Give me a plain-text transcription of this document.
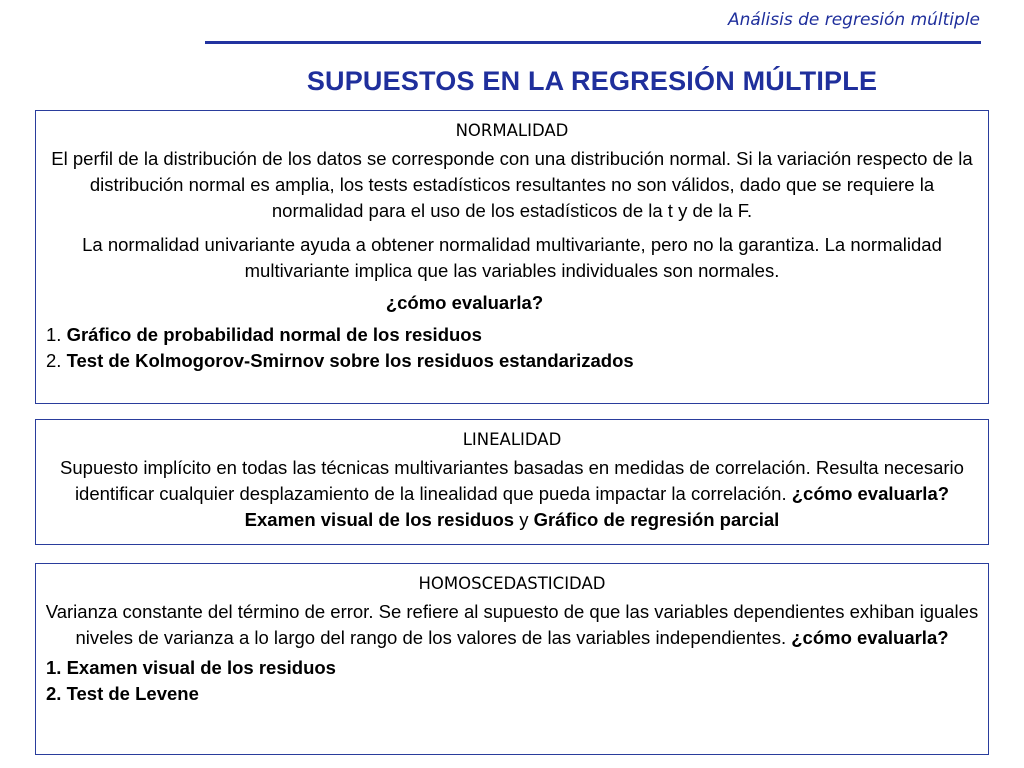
Análisis de regresión múltiple
SUPUESTOS EN LA REGRESIÓN MÚLTIPLE
NORMALIDAD

El perfil de la distribución de los datos se corresponde con una distribución normal. Si la variación respecto de la distribución normal es amplia, los tests estadísticos resultantes no son válidos, dado que se requiere la normalidad para el uso de los estadísticos de la t y de la F.

La normalidad univariante ayuda a obtener normalidad multivariante, pero no la garantiza. La normalidad multivariante implica que las variables individuales son normales.

¿cómo evaluarla?
1. Gráfico de probabilidad normal de los residuos
2. Test de Kolmogorov-Smirnov sobre los residuos estandarizados
LINEALIDAD

Supuesto implícito en todas las técnicas multivariantes basadas en medidas de correlación. Resulta necesario identificar cualquier desplazamiento de la linealidad que pueda impactar la correlación. ¿cómo evaluarla? Examen visual de los residuos y Gráfico de regresión parcial

HOMOSCEDASTICIDAD

Varianza constante del término de error. Se refiere al supuesto de que las variables dependientes exhiban iguales niveles de varianza a lo largo del rango de los valores de las variables independientes. ¿cómo evaluarla?

1. Examen visual de los residuos
2. Test de Levene
